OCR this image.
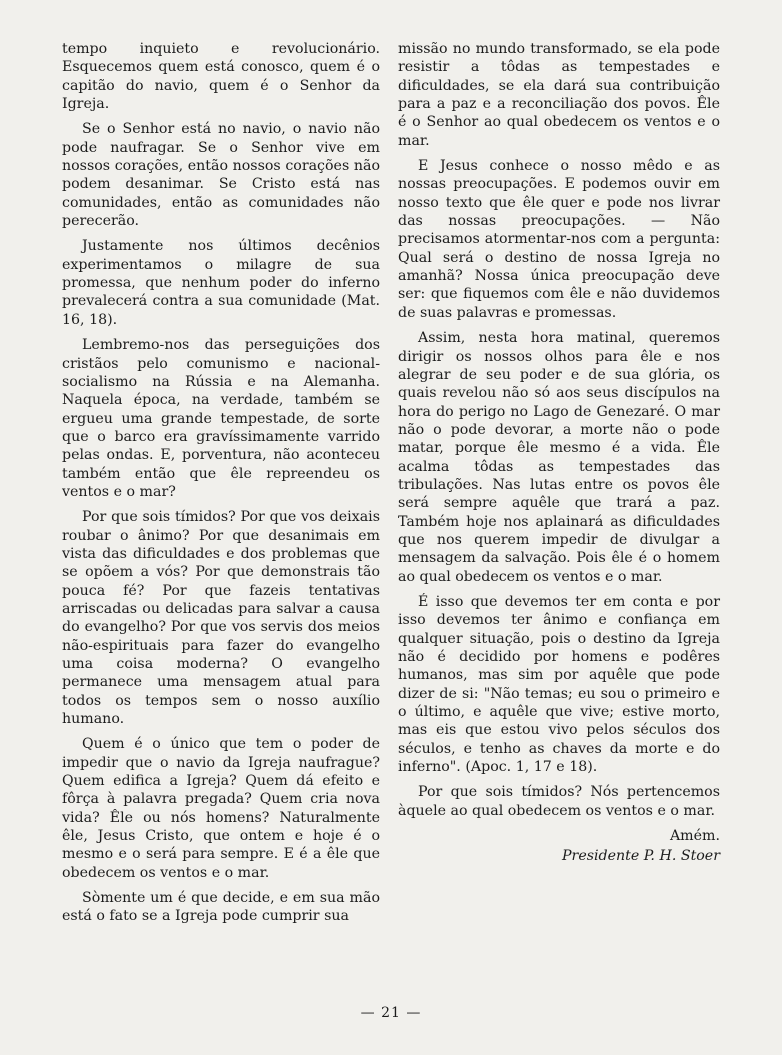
tempo inquieto e revolucionário. Esquecemos quem está conosco, quem é o capitão do navio, quem é o Senhor da Igreja.

Se o Senhor está no navio, o navio não pode naufragar. Se o Senhor vive em nossos corações, então nossos corações não podem desanimar. Se Cristo está nas comunidades, então as comunidades não perecerão.

Justamente nos últimos decênios experimentamos o milagre de sua promessa, que nenhum poder do inferno prevalecerá contra a sua comunidade (Mat. 16, 18).

Lembremo-nos das perseguições dos cristãos pelo comunismo e nacional-socialismo na Rússia e na Alemanha. Naquela época, na verdade, também se ergueu uma grande tempestade, de sorte que o barco era gravíssimamente varrido pelas ondas. E, porventura, não aconteceu também então que êle repreendeu os ventos e o mar?

Por que sois tímidos? Por que vos deixais roubar o ânimo? Por que desanimais em vista das dificuldades e dos problemas que se opõem a vós? Por que demonstrais tão pouca fé? Por que fazeis tentativas arriscadas ou delicadas para salvar a causa do evangelho? Por que vos servis dos meios não-espirituais para fazer do evangelho uma coisa moderna? O evangelho permanece uma mensagem atual para todos os tempos sem o nosso auxílio humano.

Quem é o único que tem o poder de impedir que o navio da Igreja naufrague? Quem edifica a Igreja? Quem dá efeito e fôrça à palavra pregada? Quem cria nova vida? Êle ou nós homens? Naturalmente êle, Jesus Cristo, que ontem e hoje é o mesmo e o será para sempre. E é a êle que obedecem os ventos e o mar.

Sòmente um é que decide, e em sua mão está o fato se a Igreja pode cumprir sua

missão no mundo transformado, se ela pode resistir a tôdas as tempestades e dificuldades, se ela dará sua contribuição para a paz e a reconciliação dos povos. Êle é o Senhor ao qual obedecem os ventos e o mar.

E Jesus conhece o nosso mêdo e as nossas preocupações. E podemos ouvir em nosso texto que êle quer e pode nos livrar das nossas preocupações. — Não precisamos atormentar-nos com a pergunta: Qual será o destino de nossa Igreja no amanhã? Nossa única preocupação deve ser: que fiquemos com êle e não duvidemos de suas palavras e promessas.

Assim, nesta hora matinal, queremos dirigir os nossos olhos para êle e nos alegrar de seu poder e de sua glória, os quais revelou não só aos seus discípulos na hora do perigo no Lago de Genezaré. O mar não o pode devorar, a morte não o pode matar, porque êle mesmo é a vida. Êle acalma tôdas as tempestades das tribulações. Nas lutas entre os povos êle será sempre aquêle que trará a paz. Também hoje nos aplainará as dificuldades que nos querem impedir de divulgar a mensagem da salvação. Pois êle é o homem ao qual obedecem os ventos e o mar.

É isso que devemos ter em conta e por isso devemos ter ânimo e confiança em qualquer situação, pois o destino da Igreja não é decidido por homens e podêres humanos, mas sim por aquêle que pode dizer de si: "Não temas; eu sou o primeiro e o último, e aquêle que vive; estive morto, mas eis que estou vivo pelos séculos dos séculos, e tenho as chaves da morte e do inferno". (Apoc. 1, 17 e 18).

Por que sois tímidos? Nós pertencemos àquele ao qual obedecem os ventos e o mar.

Amém.

Presidente P. H. Stoer

— 21 —
